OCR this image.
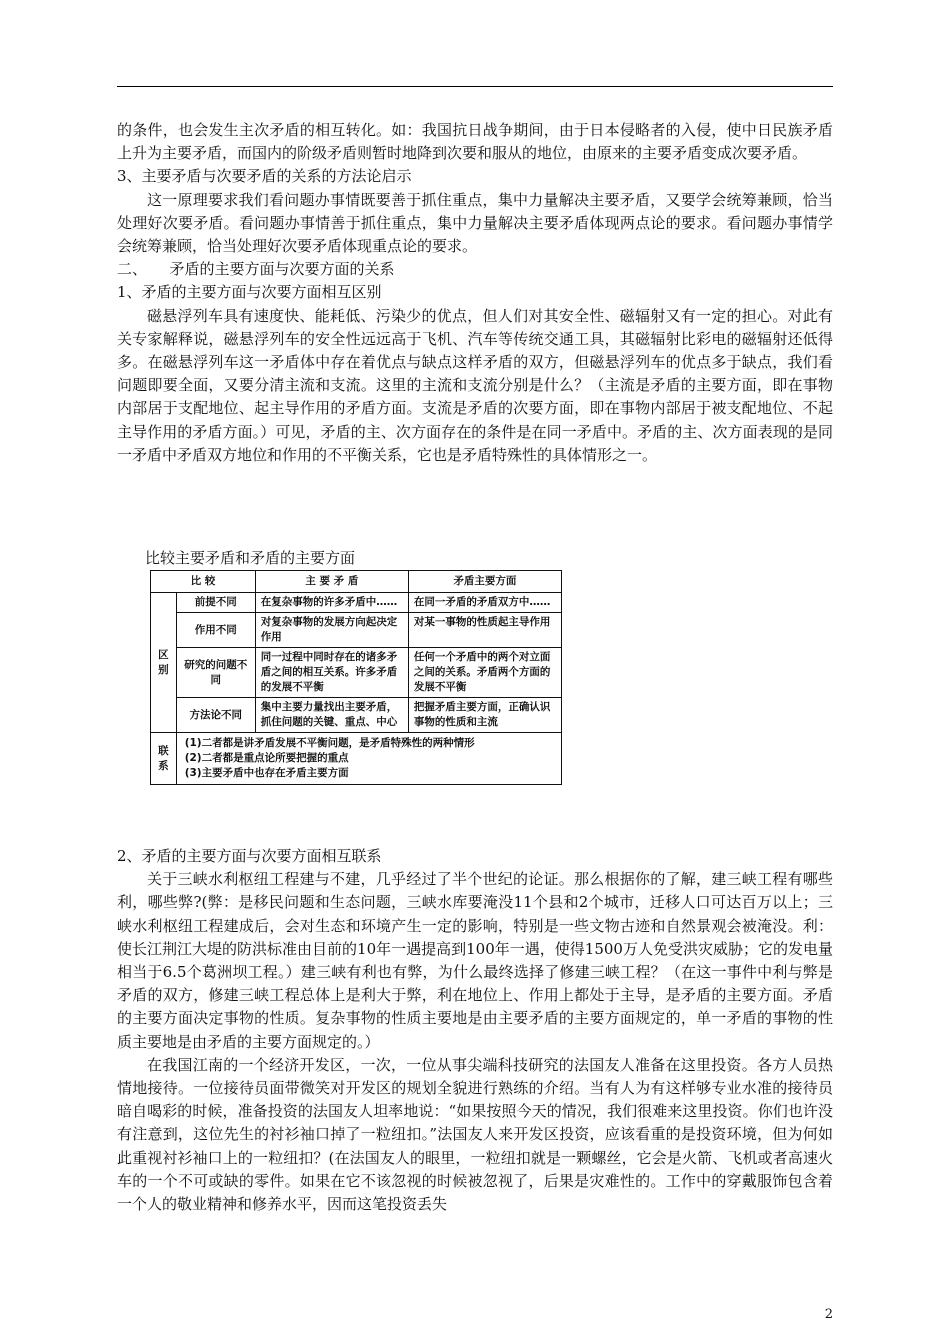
的条件，也会发生主次矛盾的相互转化。如：我国抗日战争期间，由于日本侵略者的入侵，使中日民族矛盾上升为主要矛盾，而国内的阶级矛盾则暂时地降到次要和服从的地位，由原来的主要矛盾变成次要矛盾。

3、主要矛盾与次要矛盾的关系的方法论启示

这一原理要求我们看问题办事情既要善于抓住重点，集中力量解决主要矛盾，又要学会统筹兼顾，恰当处理好次要矛盾。看问题办事情善于抓住重点，集中力量解决主要矛盾体现两点论的要求。看问题办事情学会统筹兼顾，恰当处理好次要矛盾体现重点论的要求。

二、　　矛盾的主要方面与次要方面的关系

1、矛盾的主要方面与次要方面相互区别

磁悬浮列车具有速度快、能耗低、污染少的优点，但人们对其安全性、磁辐射又有一定的担心。对此有关专家解释说，磁悬浮列车的安全性远远高于飞机、汽车等传统交通工具，其磁辐射比彩电的磁辐射还低得多。在磁悬浮列车这一矛盾体中存在着优点与缺点这样矛盾的双方，但磁悬浮列车的优点多于缺点，我们看问题即要全面，又要分清主流和支流。这里的主流和支流分别是什么？（主流是矛盾的主要方面，即在事物内部居于支配地位、起主导作用的矛盾方面。支流是矛盾的次要方面，即在事物内部居于被支配地位、不起主导作用的矛盾方面。）可见，矛盾的主、次方面存在的条件是在同一矛盾中。矛盾的主、次方面表现的是同一矛盾中矛盾双方地位和作用的不平衡关系，它也是矛盾特殊性的具体情形之一。

比较主要矛盾和矛盾的主要方面
比 较		主 要 矛 盾	矛盾主要方面
区别	前提不同	在复杂事物的许多矛盾中……	在同一矛盾的矛盾双方中……
	作用不同	对复杂事物的发展方向起决定作用	对某一事物的性质起主导作用
	研究的问题不同	同一过程中同时存在的诸多矛盾之间的相互关系。许多矛盾的发展不平衡	任何一个矛盾中的两个对立面之间的关系。矛盾两个方面的发展不平衡
	方法论不同	集中主要力量找出主要矛盾，抓住问题的关键、重点、中心	把握矛盾主要方面，正确认识事物的性质和主流
联系	(1)二者都是讲矛盾发展不平衡问题，是矛盾特殊性的两种情形
(2)二者都是重点论所要把握的重点
(3)主要矛盾中也存在矛盾主要方面		

2、矛盾的主要方面与次要方面相互联系

关于三峡水利枢纽工程建与不建，几乎经过了半个世纪的论证。那么根据你的了解，建三峡工程有哪些利，哪些弊?(弊：是移民问题和生态问题，三峡水库要淹没11个县和2个城市，迁移人口可达百万以上；三峡水利枢纽工程建成后，会对生态和环境产生一定的影响，特别是一些文物古迹和自然景观会被淹没。利：使长江荆江大堤的防洪标准由目前的10年一遇提高到100年一遇，使得1500万人免受洪灾威胁；它的发电量相当于6.5个葛洲坝工程。）建三峡有利也有弊，为什么最终选择了修建三峡工程？（在这一事件中利与弊是矛盾的双方，修建三峡工程总体上是利大于弊，利在地位上、作用上都处于主导，是矛盾的主要方面。矛盾的主要方面决定事物的性质。复杂事物的性质主要地是由主要矛盾的主要方面规定的，单一矛盾的事物的性质主要地是由矛盾的主要方面规定的。）

在我国江南的一个经济开发区，一次，一位从事尖端科技研究的法国友人准备在这里投资。各方人员热情地接待。一位接待员面带微笑对开发区的规划全貌进行熟练的介绍。当有人为有这样够专业水准的接待员暗自喝彩的时候，准备投资的法国友人坦率地说：“如果按照今天的情况，我们很难来这里投资。你们也许没有注意到，这位先生的衬衫袖口掉了一粒纽扣。”法国友人来开发区投资，应该看重的是投资环境，但为何如此重视衬衫袖口上的一粒纽扣？(在法国友人的眼里，一粒纽扣就是一颗螺丝，它会是火箭、飞机或者高速火车的一个不可或缺的零件。如果在它不该忽视的时候被忽视了，后果是灾难性的。工作中的穿戴服饰包含着一个人的敬业精神和修养水平，因而这笔投资丢失

2
